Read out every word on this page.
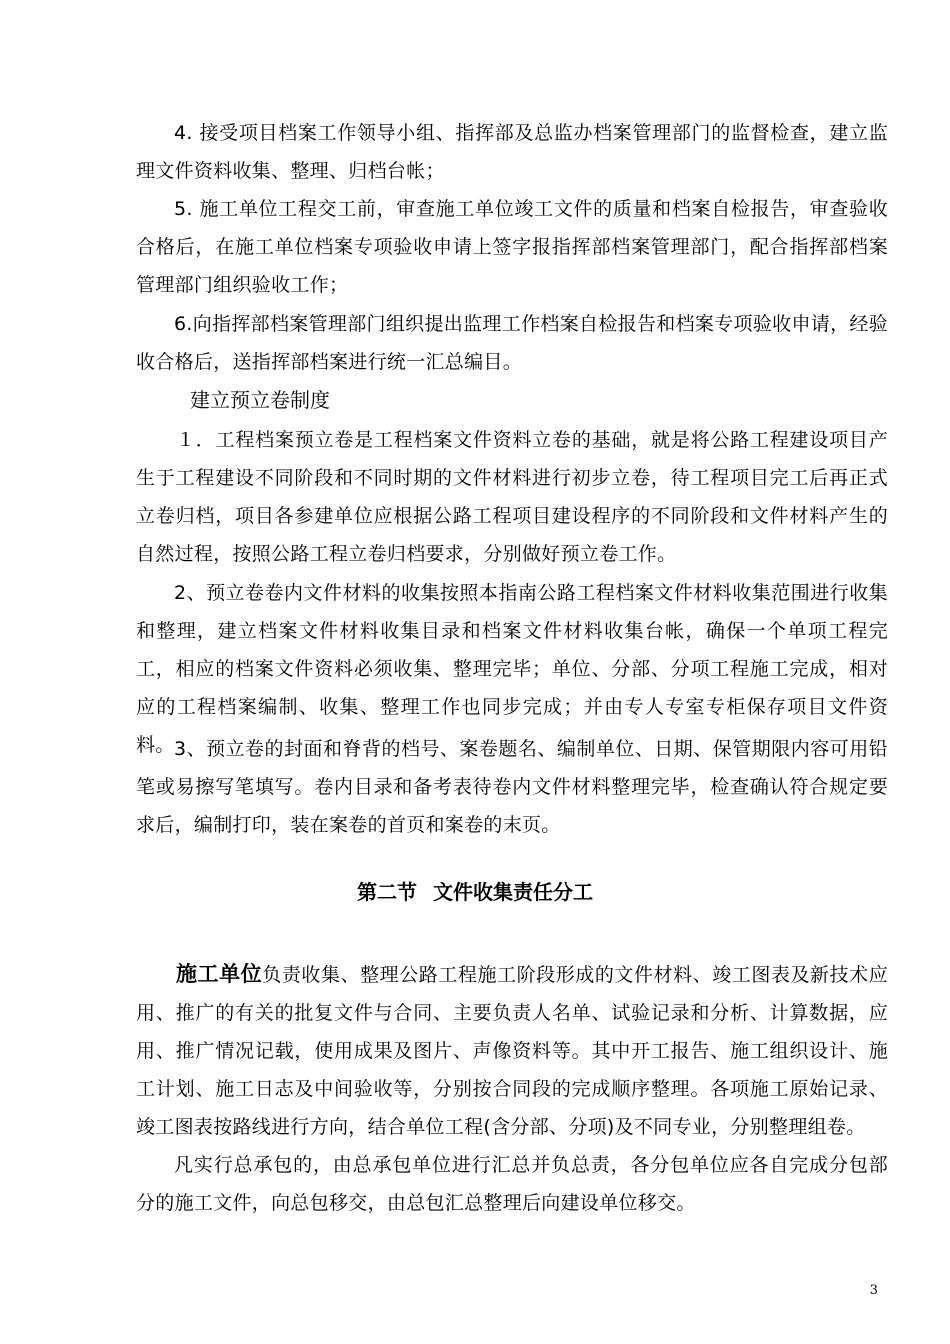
4. 接受项目档案工作领导小组、指挥部及总监办档案管理部门的监督检查，建立监理文件资料收集、整理、归档台帐；

5. 施工单位工程交工前，审查施工单位竣工文件的质量和档案自检报告，审查验收合格后，在施工单位档案专项验收申请上签字报指挥部档案管理部门，配合指挥部档案管理部门组织验收工作；

6.向指挥部档案管理部门组织提出监理工作档案自检报告和档案专项验收申请，经验收合格后，送指挥部档案进行统一汇总编目。

建立预立卷制度

１．工程档案预立卷是工程档案文件资料立卷的基础，就是将公路工程建设项目产生于工程建设不同阶段和不同时期的文件材料进行初步立卷，待工程项目完工后再正式立卷归档，项目各参建单位应根据公路工程项目建设程序的不同阶段和文件材料产生的自然过程，按照公路工程立卷归档要求，分别做好预立卷工作。

2、预立卷卷内文件材料的收集按照本指南公路工程档案文件材料收集范围进行收集和整理，建立档案文件材料收集目录和档案文件材料收集台帐，确保一个单项工程完工，相应的档案文件资料必须收集、整理完毕；单位、分部、分项工程施工完成，相对应的工程档案编制、收集、整理工作也同步完成；并由专人专室专柜保存项目文件资料。 3、预立卷的封面和脊背的档号、案卷题名、编制单位、日期、保管期限内容可用铅笔或易擦写笔填写。卷内目录和备考表待卷内文件材料整理完毕，检查确认符合规定要求后，编制打印，装在案卷的首页和案卷的末页。

第二节 文件收集责任分工

施工单位负责收集、整理公路工程施工阶段形成的文件材料、竣工图表及新技术应用、推广的有关的批复文件与合同、主要负责人名单、试验记录和分析、计算数据，应用、推广情况记载，使用成果及图片、声像资料等。其中开工报告、施工组织设计、施工计划、施工日志及中间验收等，分别按合同段的完成顺序整理。各项施工原始记录、竣工图表按路线进行方向，结合单位工程(含分部、分项)及不同专业，分别整理组卷。

凡实行总承包的，由总承包单位进行汇总并负总责，各分包单位应各自完成分包部分的施工文件，向总包移交，由总包汇总整理后向建设单位移交。

3
